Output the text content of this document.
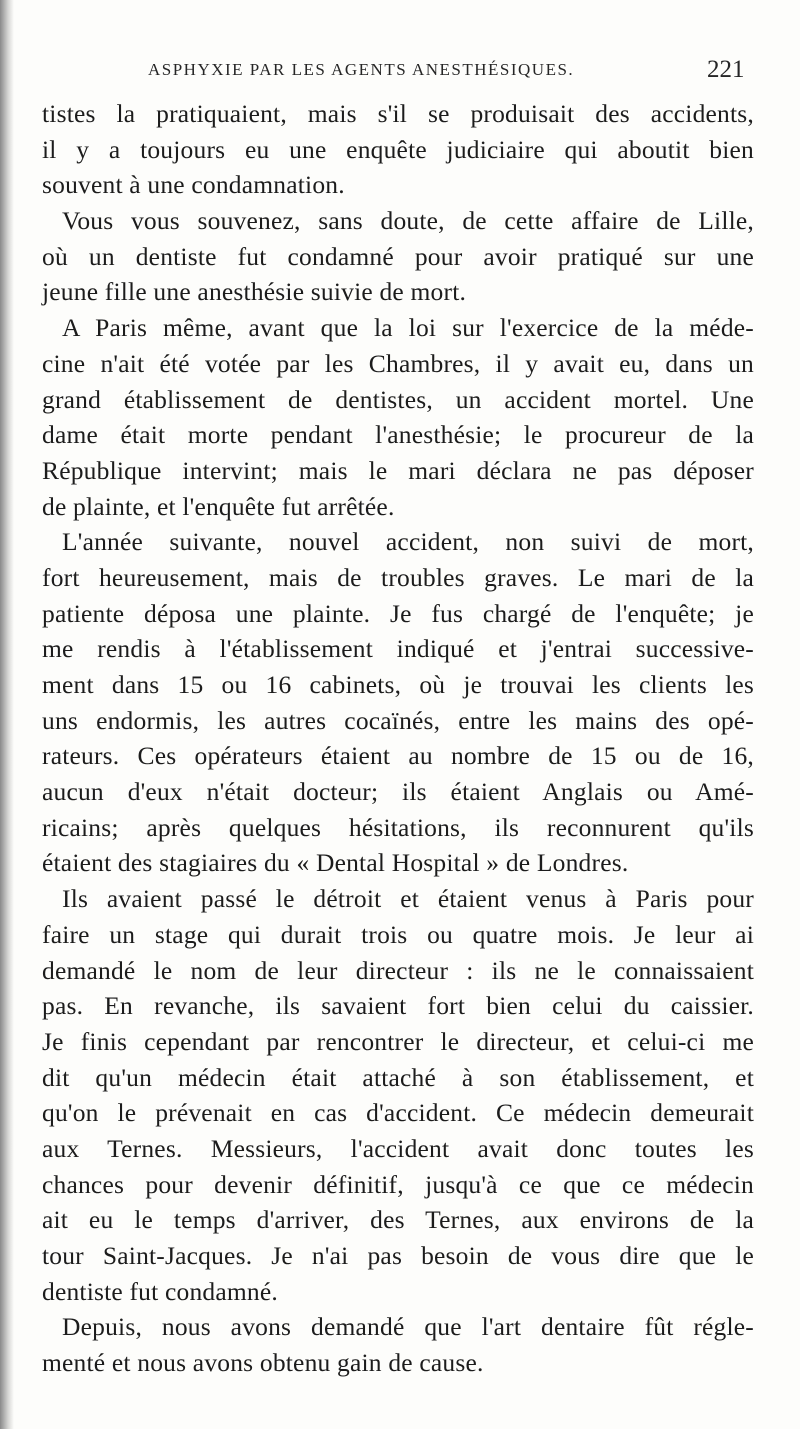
ASPHYXIE PAR LES AGENTS ANESTHÉSIQUES.	221
tistes la pratiquaient, mais s'il se produisait des accidents,
il y a toujours eu une enquête judiciaire qui aboutit bien
souvent à une condamnation.
Vous vous souvenez, sans doute, de cette affaire de Lille,
où un dentiste fut condamné pour avoir pratiqué sur une
jeune fille une anesthésie suivie de mort.
A Paris même, avant que la loi sur l'exercice de la méde-
cine n'ait été votée par les Chambres, il y avait eu, dans un
grand établissement de dentistes, un accident mortel. Une
dame était morte pendant l'anesthésie; le procureur de la
République intervint; mais le mari déclara ne pas déposer
de plainte, et l'enquête fut arrêtée.
L'année suivante, nouvel accident, non suivi de mort,
fort heureusement, mais de troubles graves. Le mari de la
patiente déposa une plainte. Je fus chargé de l'enquête; je
me rendis à l'établissement indiqué et j'entrai successive-
ment dans 15 ou 16 cabinets, où je trouvai les clients les
uns endormis, les autres cocaïnés, entre les mains des opé-
rateurs. Ces opérateurs étaient au nombre de 15 ou de 16,
aucun d'eux n'était docteur; ils étaient Anglais ou Amé-
ricains; après quelques hésitations, ils reconnurent qu'ils
étaient des stagiaires du « Dental Hospital » de Londres.
Ils avaient passé le détroit et étaient venus à Paris pour
faire un stage qui durait trois ou quatre mois. Je leur ai
demandé le nom de leur directeur : ils ne le connaissaient
pas. En revanche, ils savaient fort bien celui du caissier.
Je finis cependant par rencontrer le directeur, et celui-ci me
dit qu'un médecin était attaché à son établissement, et
qu'on le prévenait en cas d'accident. Ce médecin demeurait
aux Ternes. Messieurs, l'accident avait donc toutes les
chances pour devenir définitif, jusqu'à ce que ce médecin
ait eu le temps d'arriver, des Ternes, aux environs de la
tour Saint-Jacques. Je n'ai pas besoin de vous dire que le
dentiste fut condamné.
Depuis, nous avons demandé que l'art dentaire fût régle-
menté et nous avons obtenu gain de cause.
